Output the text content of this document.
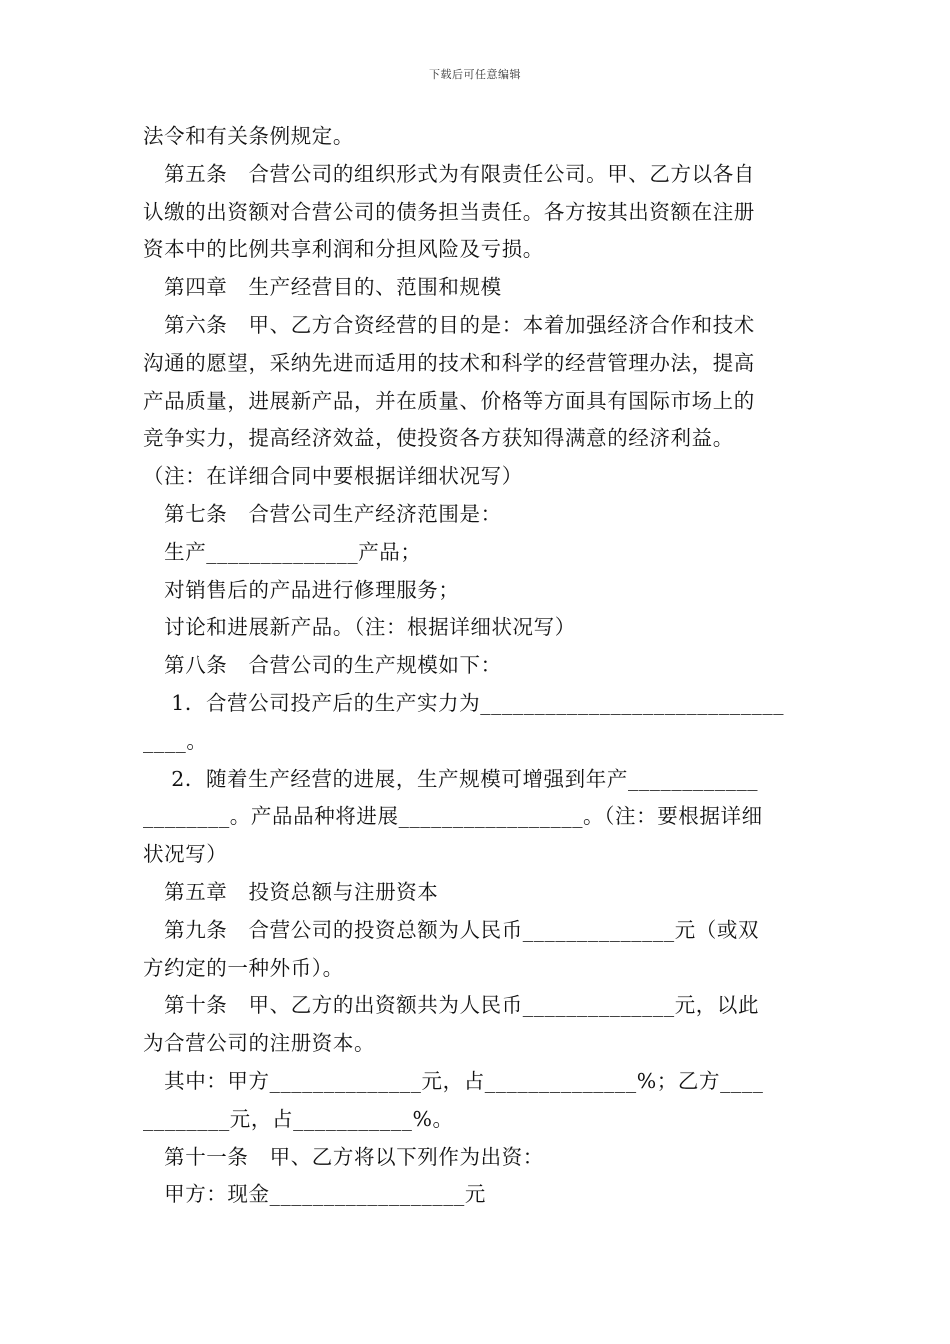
下载后可任意编辑
法令和有关条例规定。
　第五条　合营公司的组织形式为有限责任公司。甲、乙方以各自
认缴的出资额对合营公司的债务担当责任。各方按其出资额在注册
资本中的比例共享利润和分担风险及亏损。
　第四章　生产经营目的、范围和规模
　第六条　甲、乙方合资经营的目的是：本着加强经济合作和技术
沟通的愿望，采纳先进而适用的技术和科学的经营管理办法，提高
产品质量，进展新产品，并在质量、价格等方面具有国际市场上的
竞争实力，提高经济效益，使投资各方获知得满意的经济利益。
（注：在详细合同中要根据详细状况写）
　第七条　合营公司生产经济范围是：
　生产______________产品；
　对销售后的产品进行修理服务；
　讨论和进展新产品。（注：根据详细状况写）
　第八条　合营公司的生产规模如下：
　 1．合营公司投产后的生产实力为____________________________
____。
　 2．随着生产经营的进展，生产规模可增强到年产____________
________。产品品种将进展_________________。（注：要根据详细
状况写）
　第五章　投资总额与注册资本
　第九条　合营公司的投资总额为人民币______________元（或双
方约定的一种外币）。
　第十条　甲、乙方的出资额共为人民币______________元，以此
为合营公司的注册资本。
　其中：甲方______________元，占______________%；乙方____
________元，占___________%。
　第十一条　甲、乙方将以下列作为出资：
　甲方：现金__________________元
